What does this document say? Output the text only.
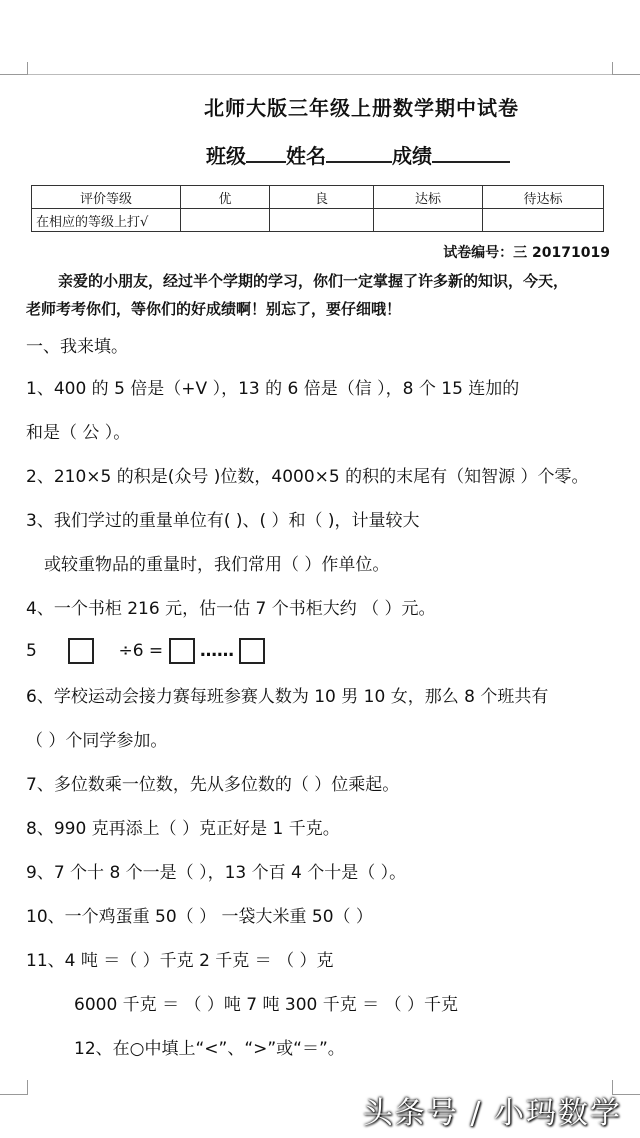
北师大版三年级上册数学期中试卷
班级 姓名	成绩
评价等级	优	良	达标	待达标
在相应的等级上打√				
试卷编号：三 20171019
亲爱的小朋友，经过半个学期的学习，你们一定掌握了许多新的知识，今天，
老师考考你们，等你们的好成绩啊！别忘了，要仔细哦！
一、我来填。
1、400 的 5 倍是（+V ），13 的 6 倍是（信 ），8 个 15 连加的
和是（ 公 ）。
2、210×5 的积是(众号 )位数，4000×5 的积的末尾有（知智源 ）个零。
3、我们学过的重量单位有( )、( ）和（ )，计量较大
或较重物品的重量时，我们常用（ ）作单位。
4、一个书柜 216 元，估一估 7 个书柜大约 （ ）元。
5	÷6 = ……
6、学校运动会接力赛每班参赛人数为 10 男 10 女，那么 8 个班共有
（ ）个同学参加。
7、多位数乘一位数，先从多位数的（ ）位乘起。
8、990 克再添上（ ）克正好是 1 千克。
9、7 个十 8 个一是（ ），13 个百 4 个十是（ ）。
10、一个鸡蛋重 50（ ） 一袋大米重 50（ ）
11、4 吨 ＝（ ）千克 2 千克 ＝ （ ）克
6000 千克 ＝ （ ）吨 7 吨 300 千克 ＝ （ ）千克
12、在○中填上“<”、“>”或“＝”。
头条号 / 小玛数学
